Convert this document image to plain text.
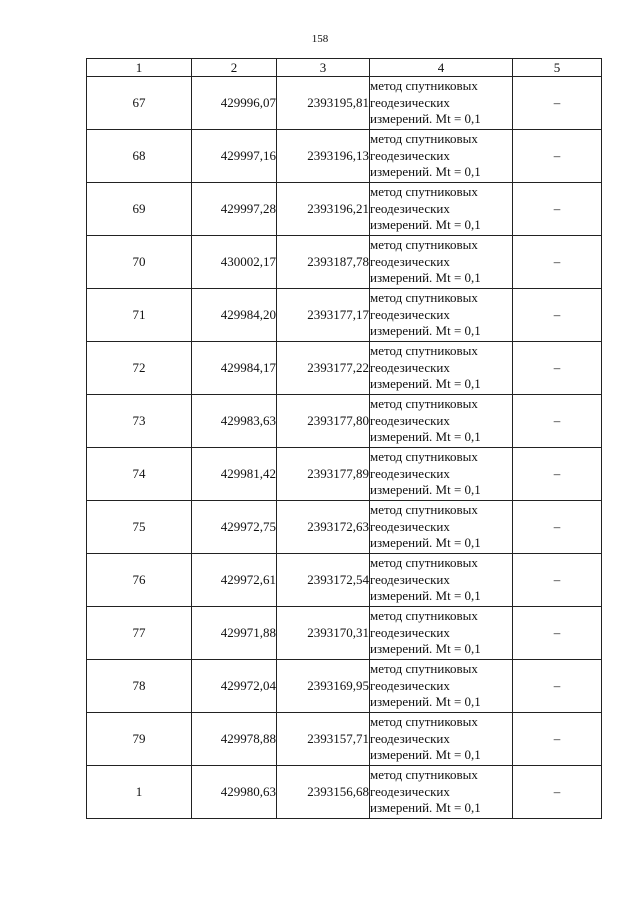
158
1	2	3	4	5
67	429996,07	2393195,81	метод спутниковых
геодезических
измерений. Mt = 0,1	–
68	429997,16	2393196,13	метод спутниковых
геодезических
измерений. Mt = 0,1	–
69	429997,28	2393196,21	метод спутниковых
геодезических
измерений. Mt = 0,1	–
70	430002,17	2393187,78	метод спутниковых
геодезических
измерений. Mt = 0,1	–
71	429984,20	2393177,17	метод спутниковых
геодезических
измерений. Mt = 0,1	–
72	429984,17	2393177,22	метод спутниковых
геодезических
измерений. Mt = 0,1	–
73	429983,63	2393177,80	метод спутниковых
геодезических
измерений. Mt = 0,1	–
74	429981,42	2393177,89	метод спутниковых
геодезических
измерений. Mt = 0,1	–
75	429972,75	2393172,63	метод спутниковых
геодезических
измерений. Mt = 0,1	–
76	429972,61	2393172,54	метод спутниковых
геодезических
измерений. Mt = 0,1	–
77	429971,88	2393170,31	метод спутниковых
геодезических
измерений. Mt = 0,1	–
78	429972,04	2393169,95	метод спутниковых
геодезических
измерений. Mt = 0,1	–
79	429978,88	2393157,71	метод спутниковых
геодезических
измерений. Mt = 0,1	–
1	429980,63	2393156,68	метод спутниковых
геодезических
измерений. Mt = 0,1	–
